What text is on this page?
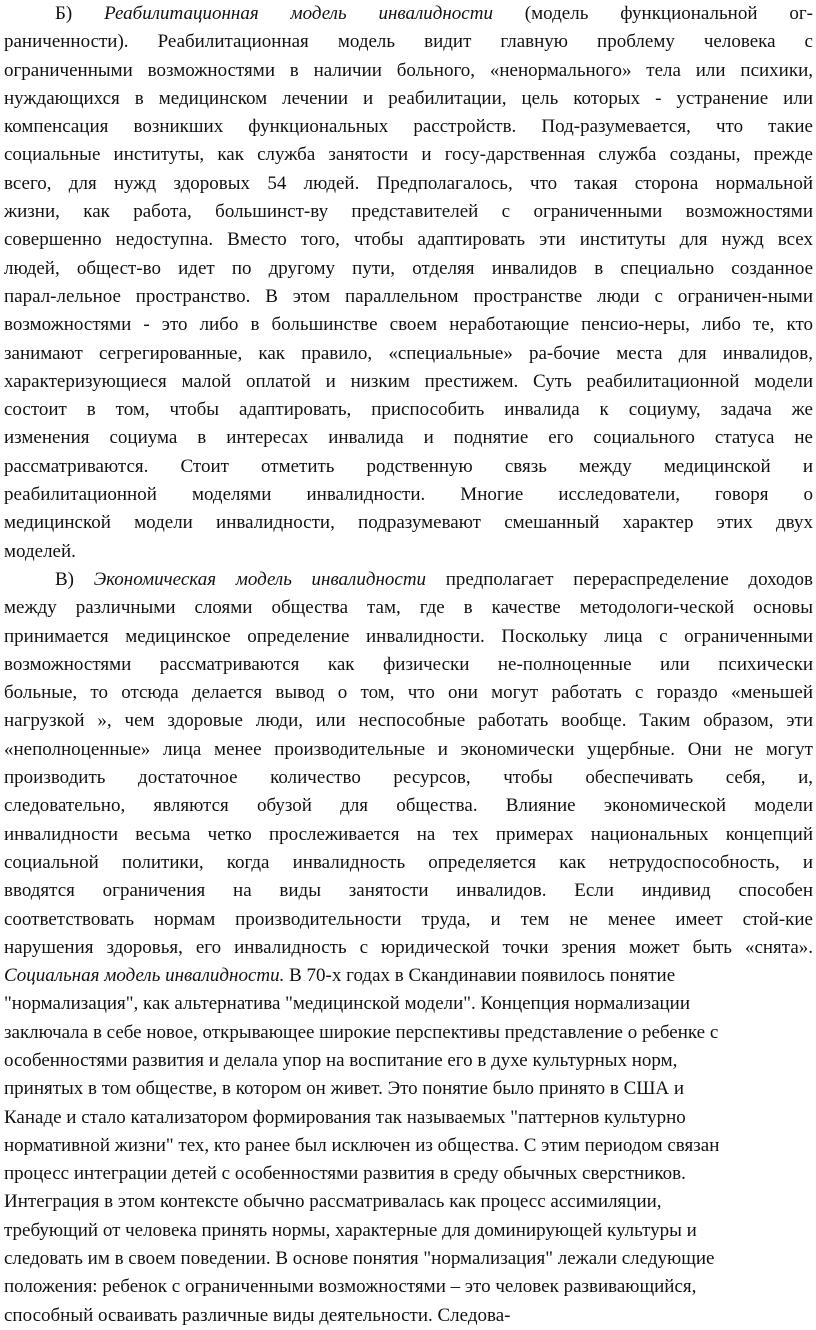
Б) Реабилитационная модель инвалидности (модель функциональной ог-
раниченности). Реабилитационная модель видит главную проблему человека с
ограниченными возможностями в наличии больного, «ненормального» тела или психики,
нуждающихся в медицинском лечении и реабилитации, цель которых - устранение или
компенсация возникших функциональных расстройств. Под-разумевается, что такие
социальные институты, как служба занятости и госу-дарственная служба созданы, прежде
всего, для нужд здоровых 54 людей. Предполагалось, что такая сторона нормальной
жизни, как работа, большинст-ву представителей с ограниченными возможностями
совершенно недоступна. Вместо того, чтобы адаптировать эти институты для нужд всех
людей, общест-во идет по другому пути, отделяя инвалидов в специально созданное
парал-лельное пространство. В этом параллельном пространстве люди с ограничен-ными
возможностями - это либо в большинстве своем неработающие пенсио-неры, либо те, кто
занимают сегрегированные, как правило, «специальные» ра-бочие места для инвалидов,
характеризующиеся малой оплатой и низким престижем. Суть реабилитационной модели
состоит в том, чтобы адаптировать, приспособить инвалида к социуму, задача же
изменения социума в интересах инвалида и поднятие его социального статуса не
рассматриваются. Стоит отметить родственную связь между медицинской и
реабилитационной моделями инвалидности. Многие исследователи, говоря о
медицинской модели инвалидности, подразумевают смешанный характер этих двух
моделей.
В) Экономическая модель инвалидности предполагает перераспределение доходов
между различными слоями общества там, где в качестве методологи-ческой основы
принимается медицинское определение инвалидности. Поскольку лица с ограниченными
возможностями рассматриваются как физически не-полноценные или психически
больные, то отсюда делается вывод о том, что они могут работать с гораздо «меньшей
нагрузкой », чем здоровые люди, или неспособные работать вообще. Таким образом, эти
«неполноценные» лица менее производительные и экономически ущербные. Они не могут
производить достаточное количество ресурсов, чтобы обеспечивать себя, и,
следовательно, являются обузой для общества. Влияние экономической модели
инвалидности весьма четко прослеживается на тех примерах национальных концепций
социальной политики, когда инвалидность определяется как нетрудоспособность, и
вводятся ограничения на виды занятости инвалидов. Если индивид способен
соответствовать нормам производительности труда, и тем не менее имеет стой-кие
нарушения здоровья, его инвалидность с юридической точки зрения может быть «снята».
Социальная модель инвалидности. В 70-х годах в Скандинавии появилось понятие
"нормализация", как альтернатива "медицинской модели". Концепция нормализации
заключала в себе новое, открывающее широкие перспективы представление о ребенке с
особенностями развития и делала упор на воспитание его в духе культурных норм,
принятых в том обществе, в котором он живет. Это понятие было принято в США и
Канаде и стало катализатором формирования так называемых "паттернов культурно
нормативной жизни" тех, кто ранее был исключен из общества. С этим периодом связан
процесс интеграции детей с особенностями развития в среду обычных сверстников.
Интеграция в этом контексте обычно рассматривалась как процесс ассимиляции,
требующий от человека принять нормы, характерные для доминирующей культуры и
следовать им в своем поведении. В основе понятия "нормализация" лежали следующие
положения: ребенок с ограниченными возможностями – это человек развивающийся,
способный осваивать различные виды деятельности. Следова-
